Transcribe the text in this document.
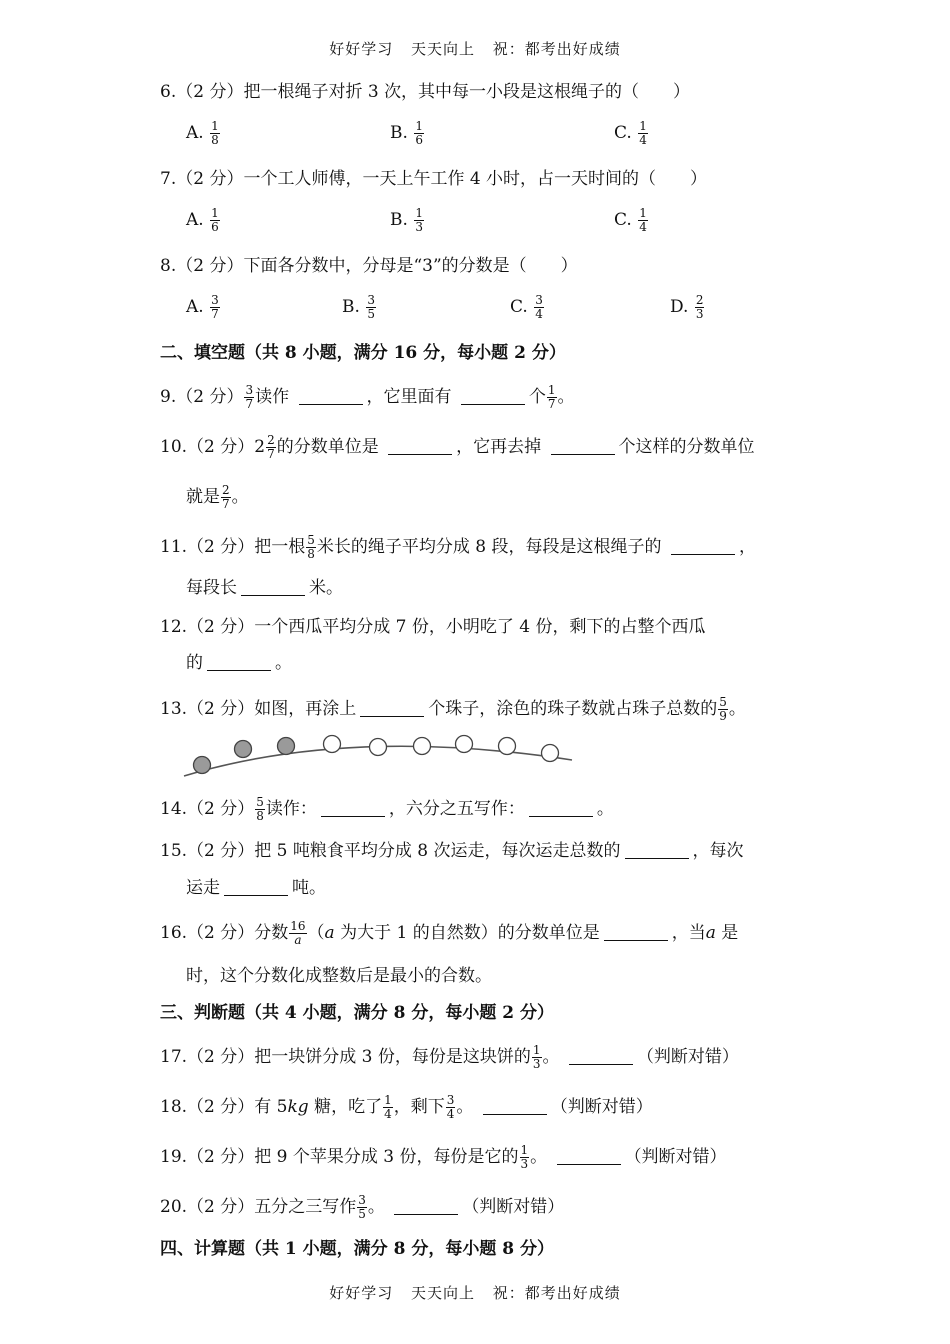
好好学习 天天向上 祝：都考出好成绩
6.（2 分）把一根绳子对折 3 次，其中每一小段是这根绳子的（　　）
A. $\frac{1}{8}$	B. $\frac{1}{6}$	C. $\frac{1}{4}$
7.（2 分）一个工人师傅，一天上午工作 4 小时，占一天时间的（　　）
A. $\frac{1}{6}$	B. $\frac{1}{3}$	C. $\frac{1}{4}$
8.（2 分）下面各分数中，分母是“3”的分数是（　　）
A. $\frac{3}{7}$	B. $\frac{3}{5}$	C. $\frac{3}{4}$	D. $\frac{2}{3}$
二、填空题（共 8 小题，满分 16 分，每小题 2 分）
9.（2 分） $\frac{3}{7}$ 读作	，它里面有	个 $\frac{1}{7}$ 。
10.（2 分）$2 \frac{2}{7}$ 的分数单位是	，它再去掉	个这样的分数单位
就是 $\frac{2}{7}$ 。
11.（2 分）把一根 $\frac{5}{8}$ 米长的绳子平均分成 8 段，每段是这根绳子的	，
每段长	米。
12.（2 分）一个西瓜平均分成 7 份，小明吃了 4 份，剩下的占整个西瓜
的	。
13.（2 分）如图，再涂上	个珠子，涂色的珠子数就占珠子总数的 $\frac{5}{9}$ 。
14.（2 分） $\frac{5}{8}$ 读作：	，六分之五写作：	。
15.（2 分）把 5 吨粮食平均分成 8 次运走，每次运走总数的	，每次
运走	吨。
16.（2 分）分数 $\frac{16}{a} (a$ 为大于 1 的自然数）的分数单位是	，当a 是
时，这个分数化成整数后是最小的合数。
三、判断题（共 4 小题，满分 8 分，每小题 2 分）
17.（2 分）把一块饼分成 3 份，每份是这块饼的 $\frac{1}{3}$ 。	（判断对错）
18.（2 分）有 5kg 糖，吃了 $\frac{1}{4}$ ，剩下 $\frac{3}{4}$ 。	（判断对错）
19.（2 分）把 9 个苹果分成 3 份，每份是它的 $\frac{1}{3}$ 。	（判断对错）
20.（2 分）五分之三写作 $\frac{3}{5}$ 。	（判断对错）
四、计算题（共 1 小题，满分 8 分，每小题 8 分）
好好学习 天天向上 祝：都考出好成绩
